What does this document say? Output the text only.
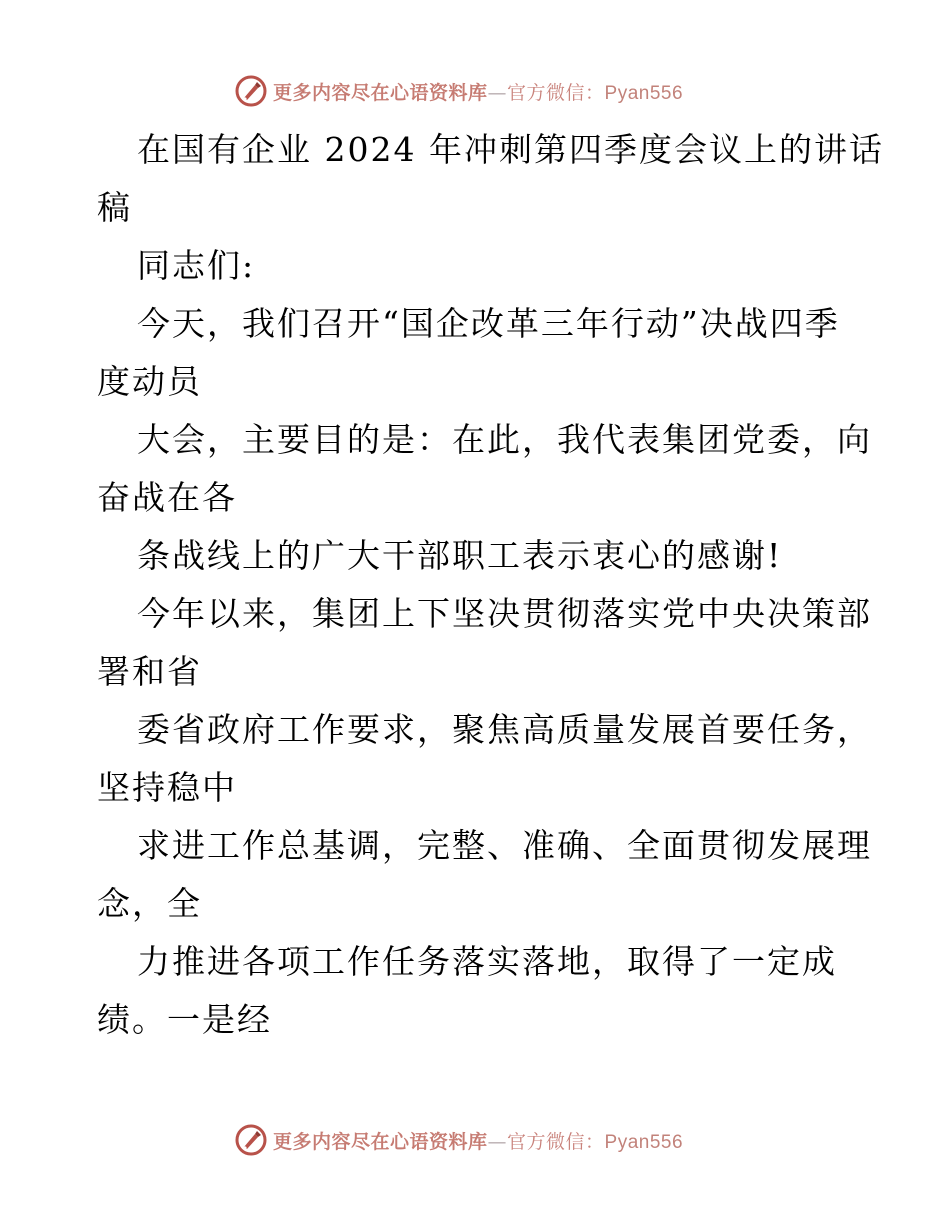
更多内容尽在心语资料库—官方微信：Pyan556
在国有企业 2024 年冲刺第四季度会议上的讲话
稿
同志们:
今天，我们召开“国企改革三年行动”决战四季
度动员
大会，主要目的是：在此，我代表集团党委，向
奋战在各
条战线上的广大干部职工表示衷心的感谢!
今年以来，集团上下坚决贯彻落实党中央决策部
署和省
委省政府工作要求，聚焦高质量发展首要任务，
坚持稳中
求进工作总基调，完整、准确、全面贯彻发展理
念，全
力推进各项工作任务落实落地，取得了一定成
绩。一是经
更多内容尽在心语资料库—官方微信：Pyan556
